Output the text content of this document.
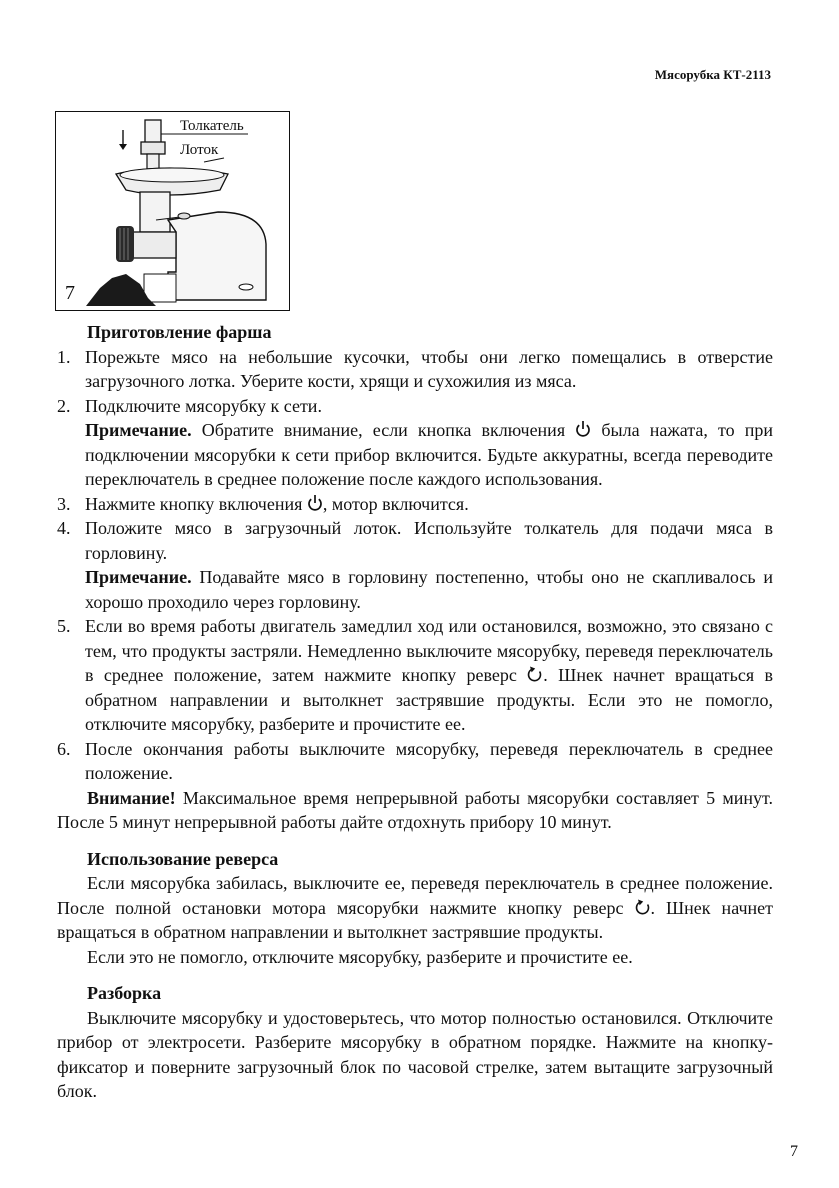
Мясорубка КТ-2113
Толкатель
Лоток
7

Приготовление фарша

1. Порежьте мясо на небольшие кусочки, чтобы они легко помещались в отверстие загрузочного лотка. Уберите кости, хрящи и сухожилия из мяса.
2. Подключите мясорубку к сети.
Примечание. Обратите внимание, если кнопка включения была нажата, то при подключении мясорубки к сети прибор включится. Будьте аккуратны, всегда переводите переключатель в среднее положение после каждого использования.
3. Нажмите кнопку включения , мотор включится.
4. Положите мясо в загрузочный лоток. Используйте толкатель для подачи мяса в горловину.
Примечание. Подавайте мясо в горловину постепенно, чтобы оно не скапливалось и хорошо проходило через горловину.
5. Если во время работы двигатель замедлил ход или остановился, возможно, это связано с тем, что продукты застряли. Немедленно выключите мясорубку, переведя переключатель в среднее положение, затем нажмите кнопку реверс . Шнек начнет вращаться в обратном направлении и вытолкнет застрявшие продукты. Если это не помогло, отключите мясорубку, разберите и прочистите ее.
6. После окончания работы выключите мясорубку, переведя переключатель в среднее положение.

Внимание! Максимальное время непрерывной работы мясорубки составляет 5 минут. После 5 минут непрерывной работы дайте отдохнуть прибору 10 минут.

Использование реверса

Если мясорубка забилась, выключите ее, переведя переключатель в среднее положение. После полной остановки мотора мясорубки нажмите кнопку реверс . Шнек начнет вращаться в обратном направлении и вытолкнет застрявшие продукты.

Если это не помогло, отключите мясорубку, разберите и прочистите ее.

Разборка

Выключите мясорубку и удостоверьтесь, что мотор полностью остановился. Отключите прибор от электросети. Разберите мясорубку в обратном порядке. Нажмите на кнопку-фиксатор и поверните загрузочный блок по часовой стрелке, затем вытащите загрузочный блок.

7
